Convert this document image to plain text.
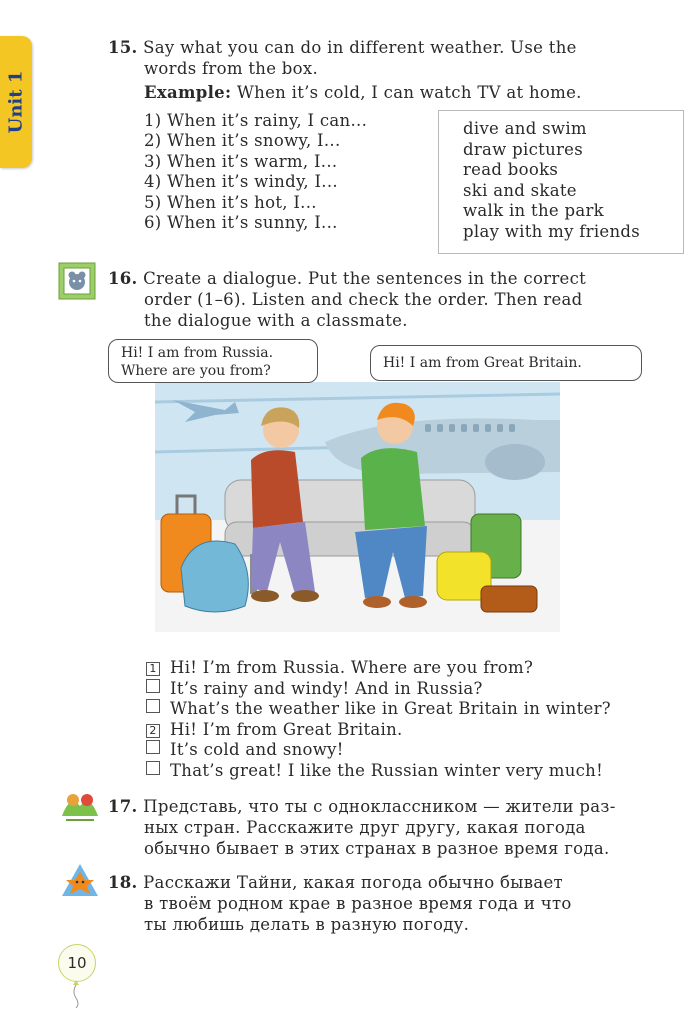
Unit 1
15. Say what you can do in different weather. Use the
words from the box.
Example: When it’s cold, I can watch TV at home.
1) When it’s rainy, I can...
2) When it’s snowy, I...
3) When it’s warm, I...
4) When it’s windy, I...
5) When it’s hot, I...
6) When it’s sunny, I...
dive and swim
draw pictures
read books
ski and skate
walk in the park
play with my friends
16. Create a dialogue. Put the sentences in the correct
order (1–6). Listen and check the order. Then read
the dialogue with a classmate.
Hi! I am from Russia.
Where are you from?	Hi! I am from Great Britain.
1 Hi! I’m from Russia. Where are you from?
It’s rainy and windy! And in Russia?
What’s the weather like in Great Britain in winter?
2 Hi! I’m from Great Britain.
It’s cold and snowy!
That’s great! I like the Russian winter very much!
17. Представь, что ты с одноклассником — жители раз-
ных стран. Расскажите друг другу, какая погода
обычно бывает в этих странах в разное время года.
18. Расскажи Тайни, какая погода обычно бывает
в твоём родном крае в разное время года и что
ты любишь делать в разную погоду.
10
